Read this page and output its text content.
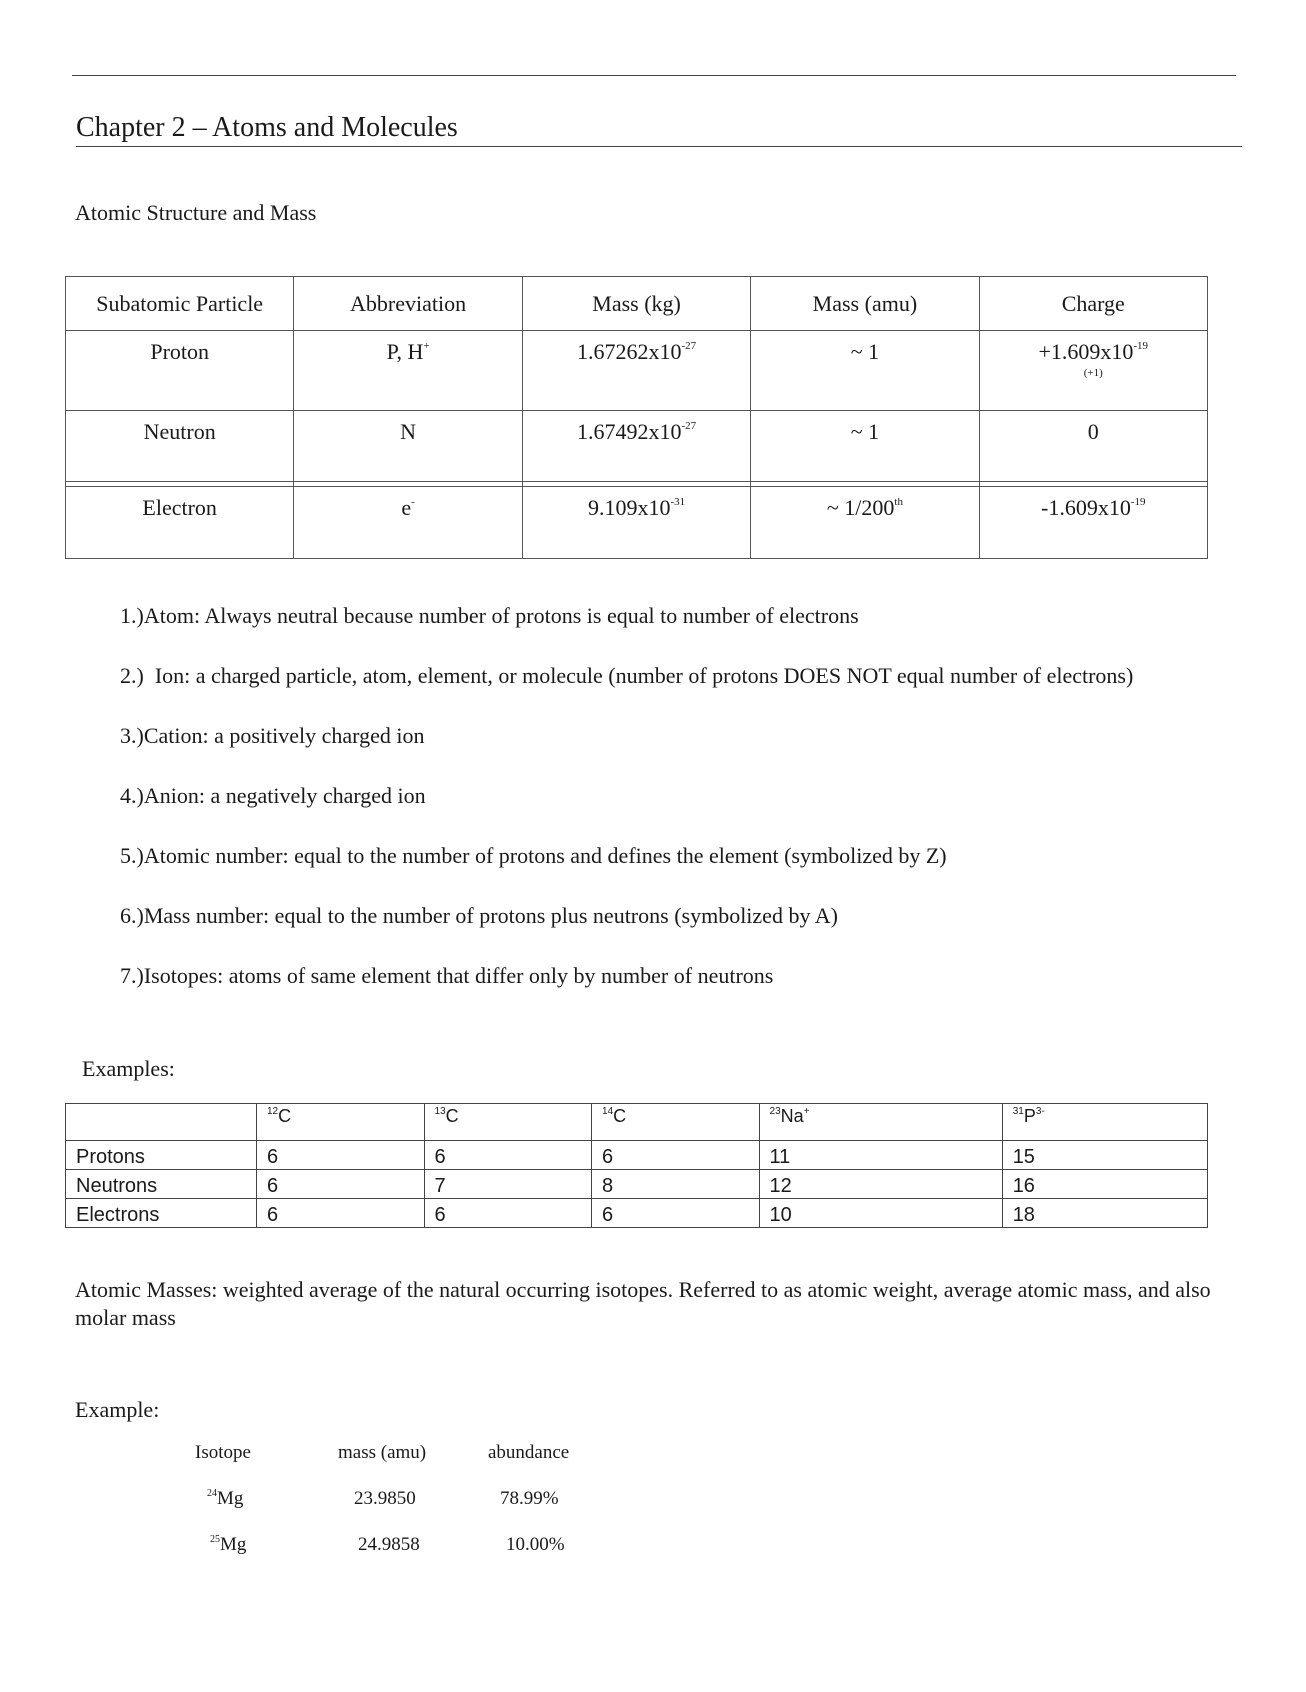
Chapter 2 – Atoms and Molecules
Atomic Structure and Mass
Subatomic Particle	Abbreviation	Mass (kg)	Mass (amu)	Charge
Proton	P, H+	$1.67262x10^{-27}$	~ 1	$+1.609x10^{-19}$
(+1)

Neutron	N	$1.67492x10^{-27}$	~ 1	0

Electron	e-	$9.109x10^{-31}$	~ 1/200th	$-1.609x10^{-19}$
1.)Atom: Always neutral because number of protons is equal to number of electrons
2.)  Ion: a charged particle, atom, element, or molecule (number of protons DOES NOT equal number of electrons)
3.)Cation: a positively charged ion
4.)Anion: a negatively charged ion
5.)Atomic number: equal to the number of protons and defines the element (symbolized by Z)
6.)Mass number: equal to the number of protons plus neutrons (symbolized by A)
7.)Isotopes: atoms of same element that differ only by number of neutrons
Examples:
	$^{12}$C	$^{13}$C	$^{14}$C	$^{23}$Na+	$^{31}P^{3-}$
Protons	6	6	6	11	15
Neutrons	6	7	8	12	16
Electrons	6	6	6	10	18
Atomic Masses: weighted average of the natural occurring isotopes. Referred to as atomic weight, average atomic mass, and also molar mass
Example:
Isotope	mass (amu)	abundance
$^{24}$Mg	23.9850	78.99%
$^{25}$Mg	24.9858	10.00%
